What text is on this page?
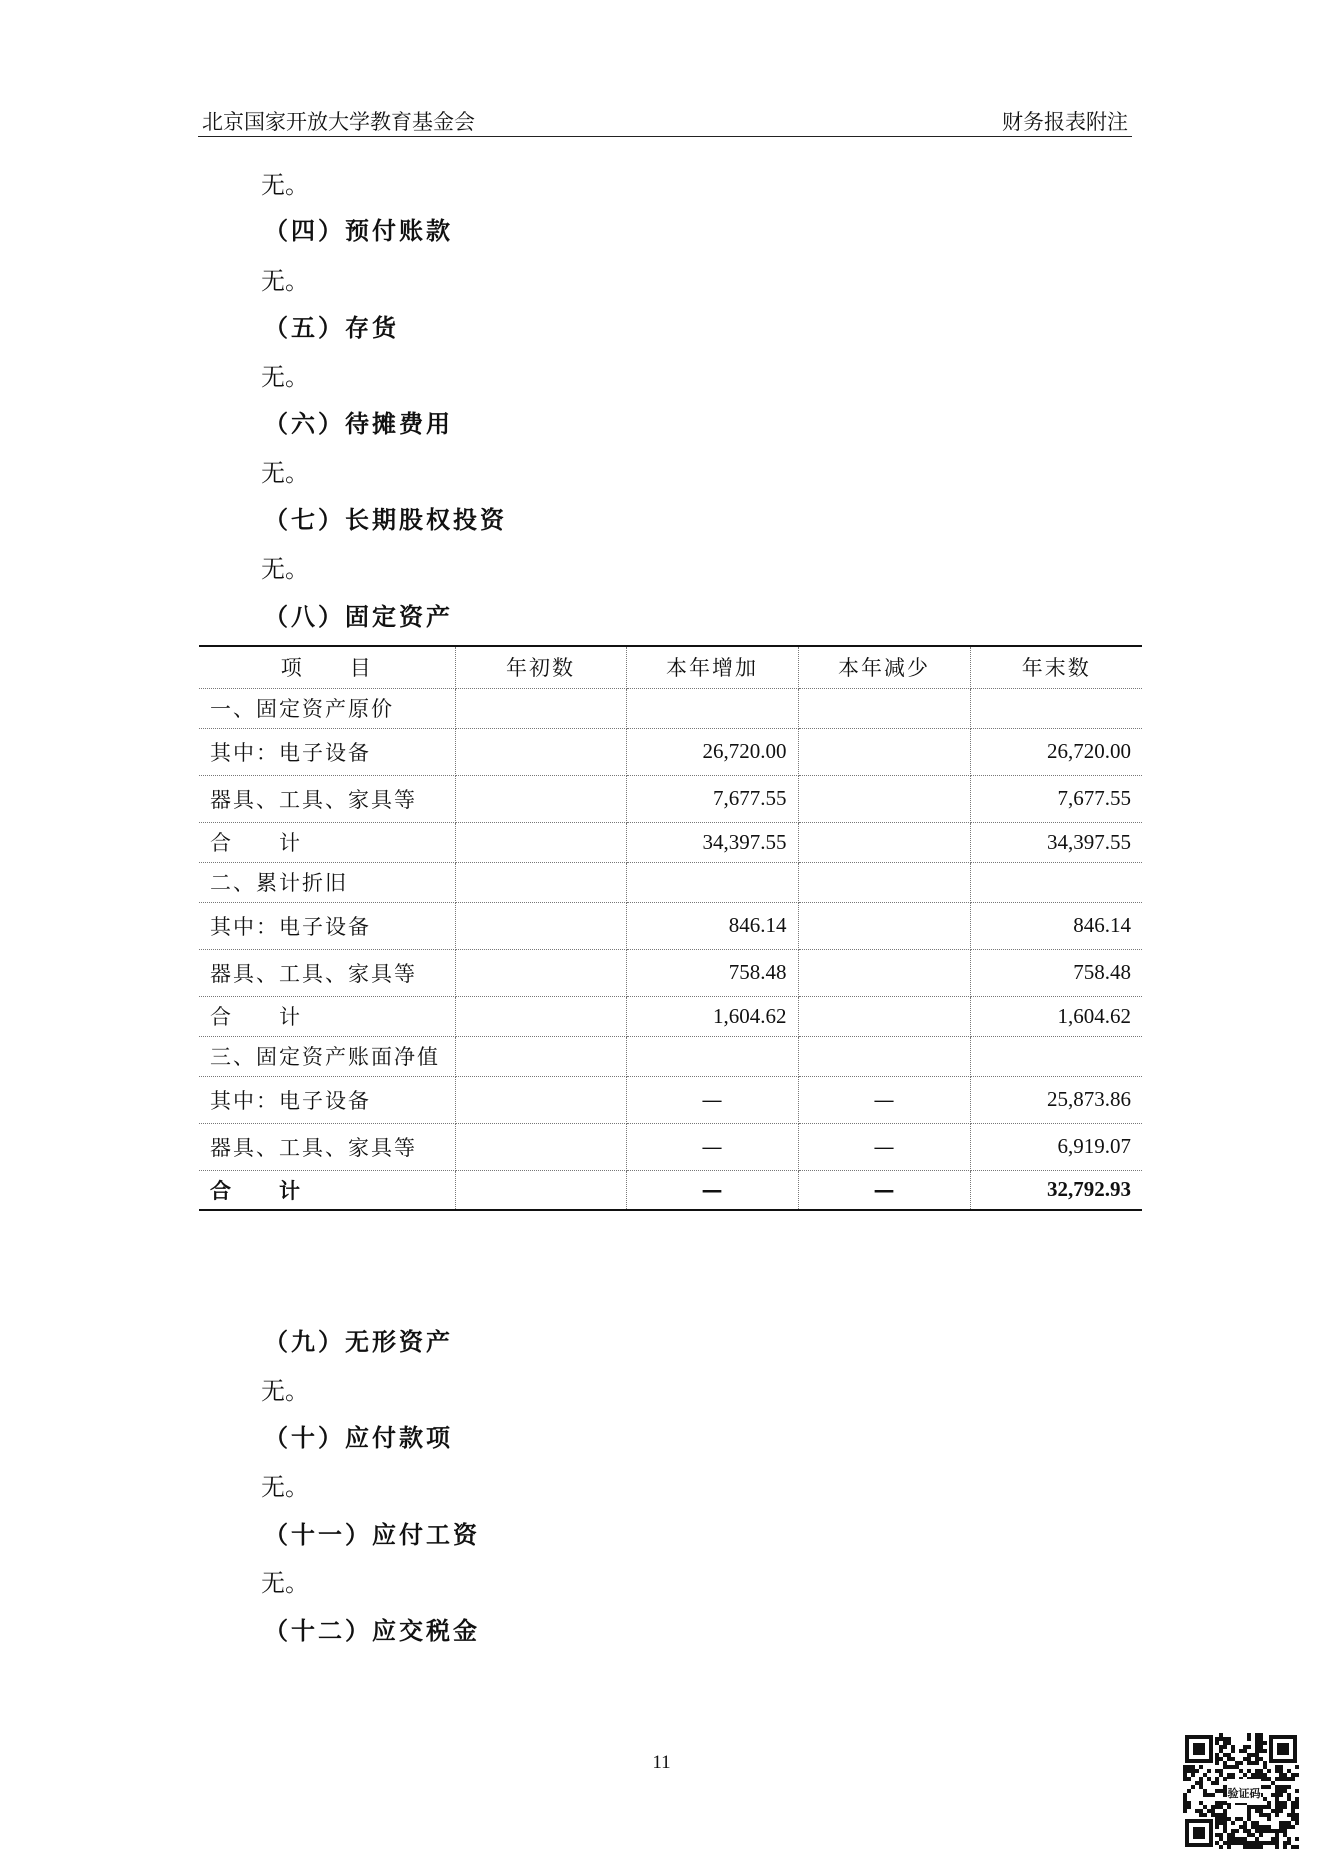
北京国家开放大学教育基金会	财务报表附注
无。
（四）预付账款
无。
（五）存货
无。
（六）待摊费用
无。
（七）长期股权投资
无。
（八）固定资产
项　　目	年初数	本年增加	本年减少	年末数
一、固定资产原价				
其中：电子设备		26,720.00		26,720.00
器具、工具、家具等		7,677.55		7,677.55
合　　计		34,397.55		34,397.55
二、累计折旧				
其中：电子设备		846.14		846.14
器具、工具、家具等		758.48		758.48
合　　计		1,604.62		1,604.62
三、固定资产账面净值				
其中：电子设备		—	—	25,873.86
器具、工具、家具等		—	—	6,919.07
合　　计		—	—	32,792.93
（九）无形资产
无。
（十）应付款项
无。
（十一）应付工资
无。
（十二）应交税金
11
验证码
